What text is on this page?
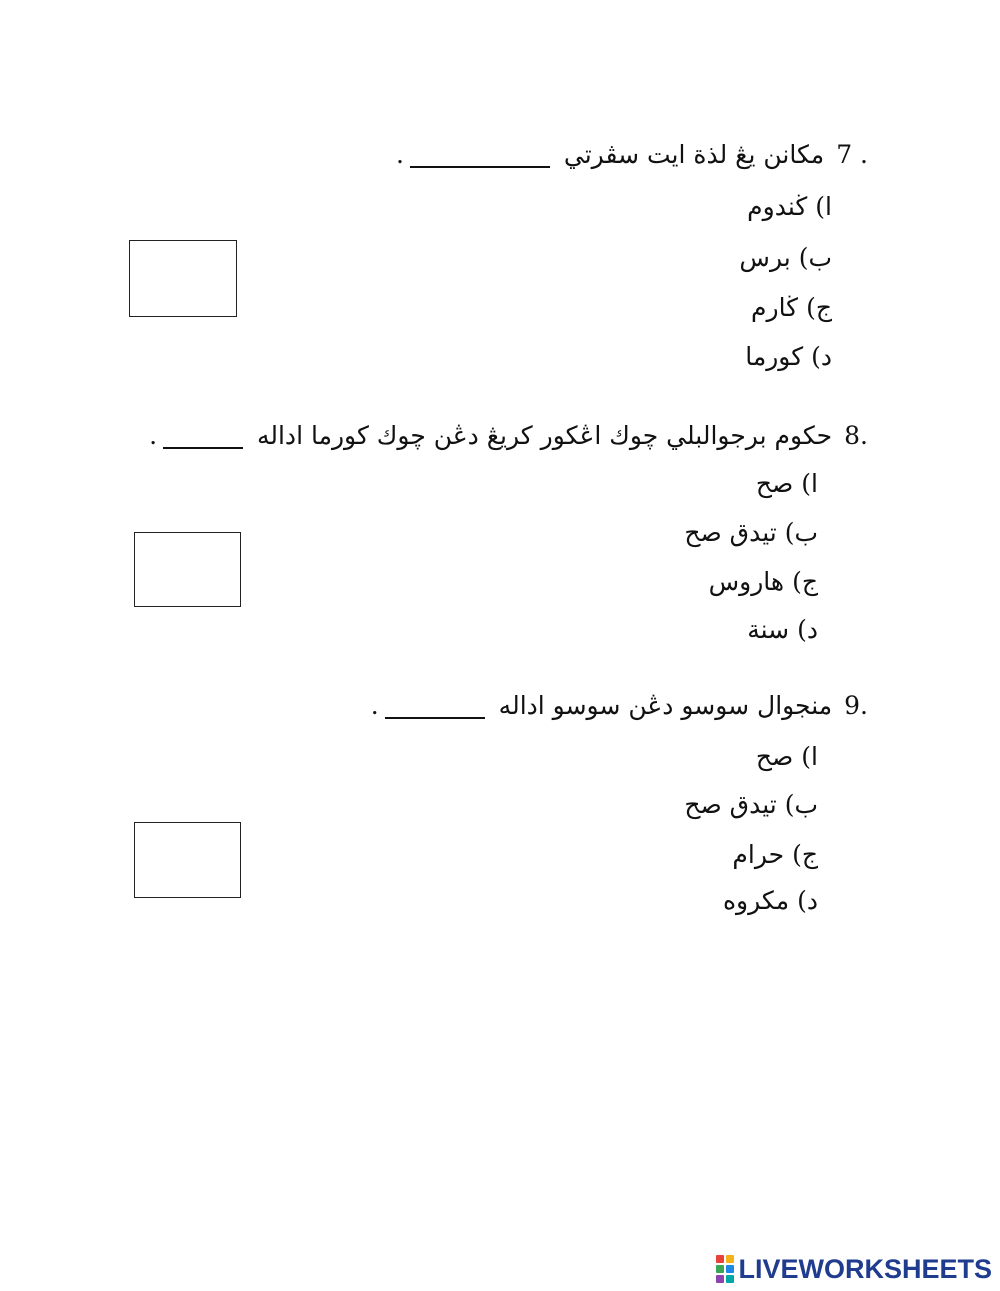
7 .مكانن يڠ لذة ايت سڤرتي .
ا)ڬندوم
ب)برس
ج)ڬارم
د)كورما
8.حکوم برجوالبلي چوك اڠكور كريڠ دڠن چوك كورما اداله .
ا)صح
ب)تيدق صح
ج)هاروس
د)سنة
9.منجوال سوسو دڠن سوسو اداله .
ا)صح
ب)تيدق صح
ج)حرام
د)مكروه
LIVEWORKSHEETS
